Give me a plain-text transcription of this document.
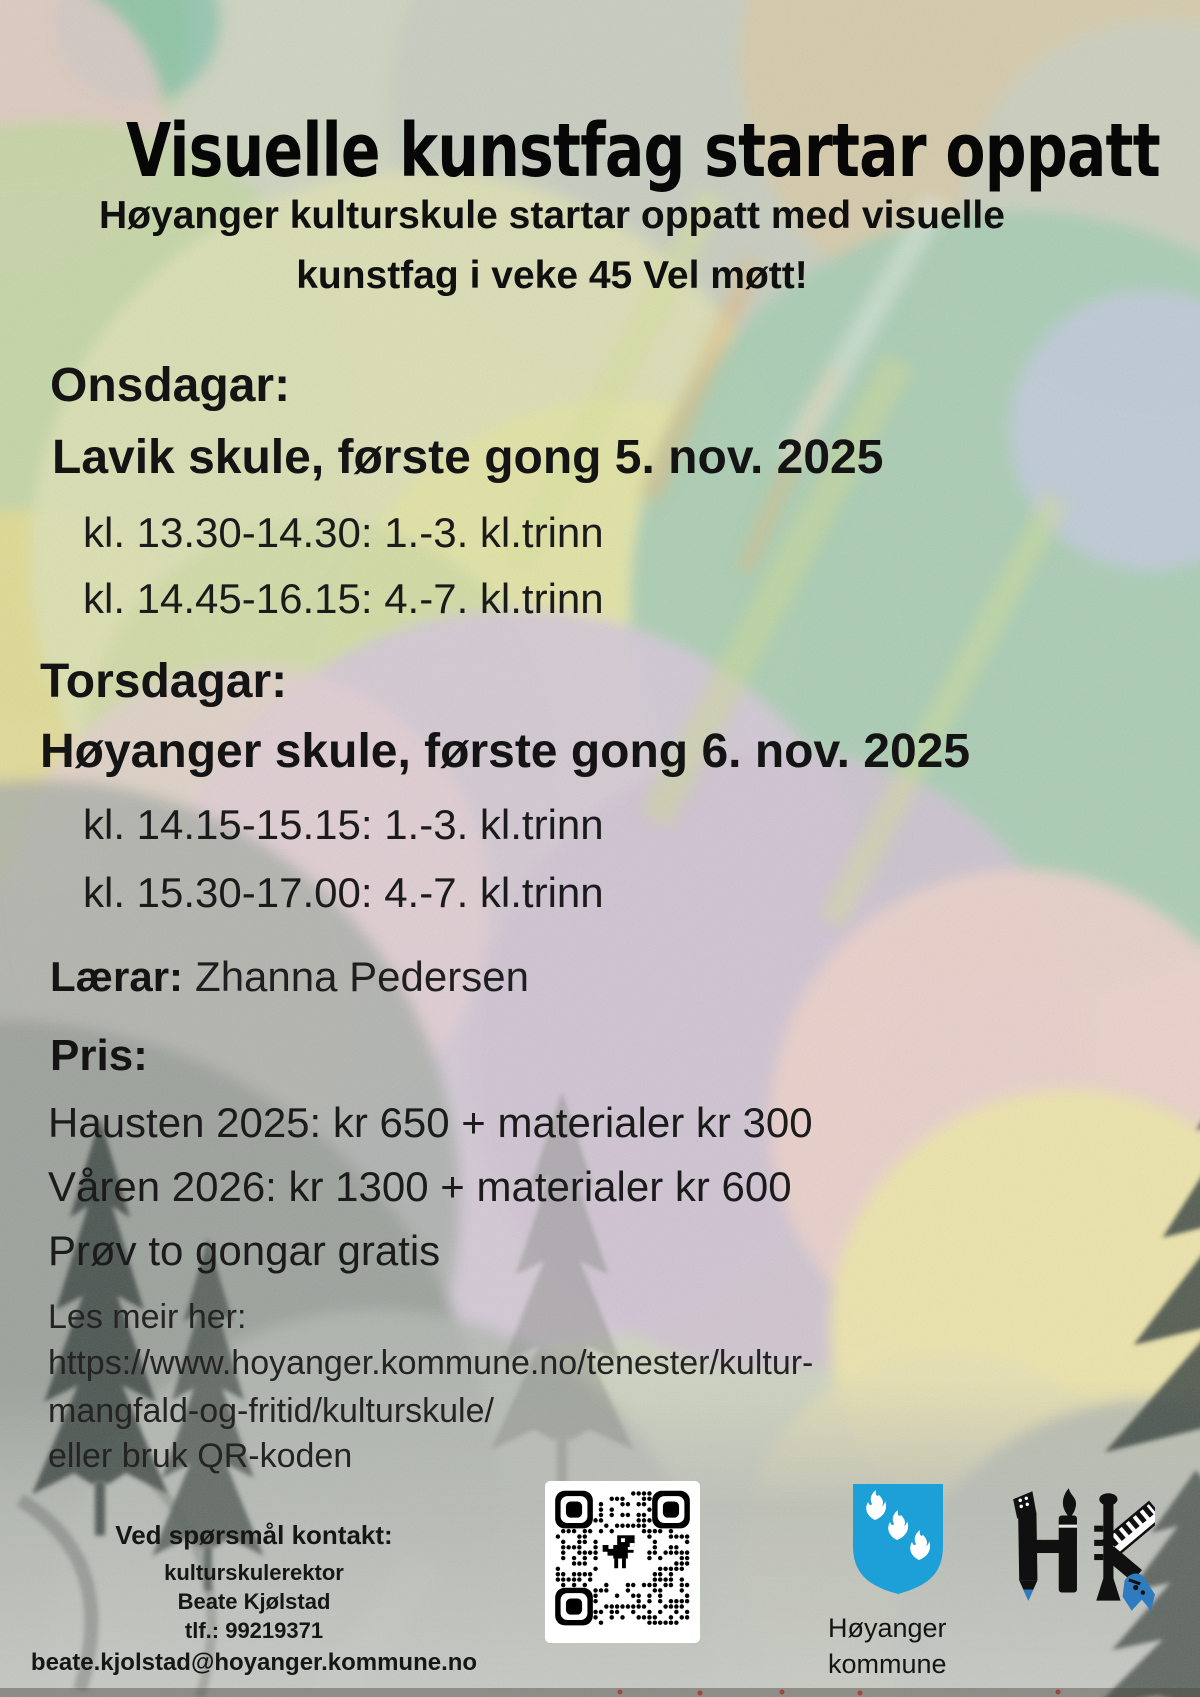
Visuelle kunstfag startar oppatt
Høyanger kulturskule startar oppatt med visuelle
kunstfag i veke 45 Vel møtt!
Onsdagar:
Lavik skule, første gong 5. nov. 2025
kl. 13.30-14.30: 1.-3. kl.trinn
kl. 14.45-16.15: 4.-7. kl.trinn
Torsdagar:
Høyanger skule, første gong 6. nov. 2025
kl. 14.15-15.15: 1.-3. kl.trinn
kl. 15.30-17.00: 4.-7. kl.trinn
Lærar: Zhanna Pedersen
Pris:
Hausten 2025: kr 650 + materialer kr 300
Våren 2026: kr 1300 + materialer kr 600
Prøv to gongar gratis
Les meir her:
https://www.hoyanger.kommune.no/tenester/kultur-
mangfald-og-fritid/kulturskule/
eller bruk QR-koden
Ved spørsmål kontakt:
kulturskulerektor
Beate Kjølstad
tlf.: 99219371
beate.kjolstad@hoyanger.kommune.no
Høyanger
kommune
